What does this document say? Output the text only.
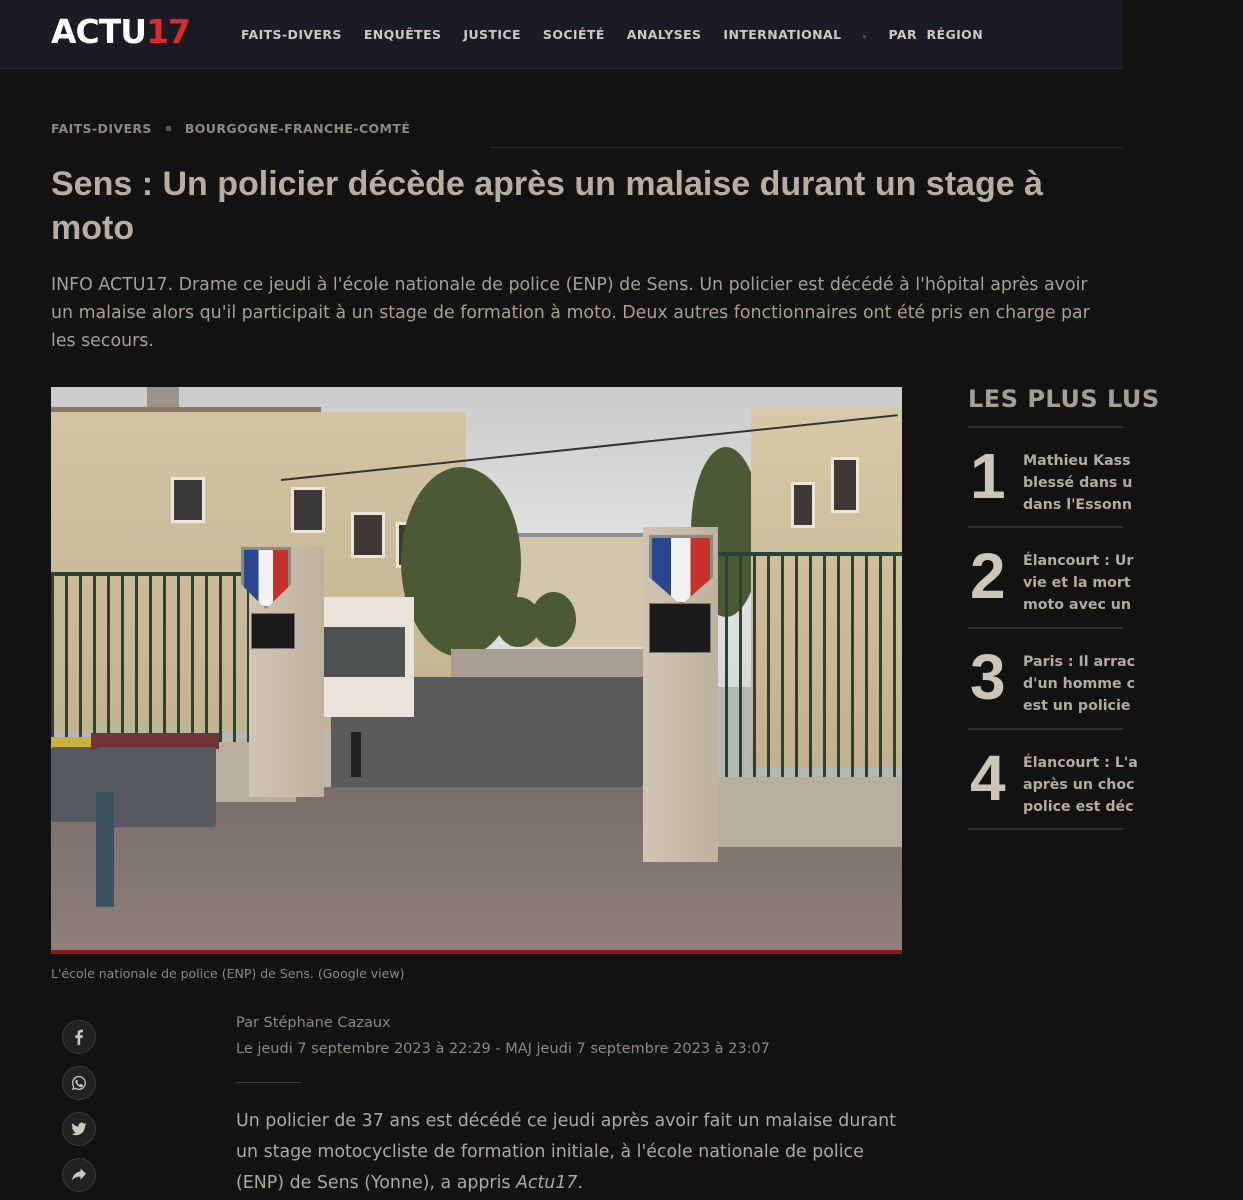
ACTU17	FAITS-DIVERS ENQUÊTES JUSTICE SOCIÉTÉ ANALYSES INTERNATIONAL	PAR  RÉGION
FAITS-DIVERS	BOURGOGNE-FRANCHE-COMTÉ
Sens : Un policier décède après un malaise durant un stage à moto

INFO ACTU17. Drame ce jeudi à l'école nationale de police (ENP) de Sens. Un policier est décédé à l'hôpital après avoir un malaise alors qu'il participait à un stage de formation à moto. Deux autres fonctionnaires ont été pris en charge par les secours.

L'école nationale de police (ENP) de Sens. (Google view)
Par Stéphane Cazaux
Le jeudi 7 septembre 2023 à 22:29 - MAJ jeudi 7 septembre 2023 à 23:07

Un policier de 37 ans est décédé ce jeudi après avoir fait un malaise durant un stage motocycliste de formation initiale, à l'école nationale de police (ENP) de Sens (Yonne), a appris Actu17.

LES PLUS LUS
1 Mathieu Kass
blessé dans u
dans l'Essonn
2 Élancourt : Ur
vie et la mort
moto avec un
3 Paris : Il arrac
d'un homme c
est un policie
4 Élancourt : L'a
après un choc
police est déc
